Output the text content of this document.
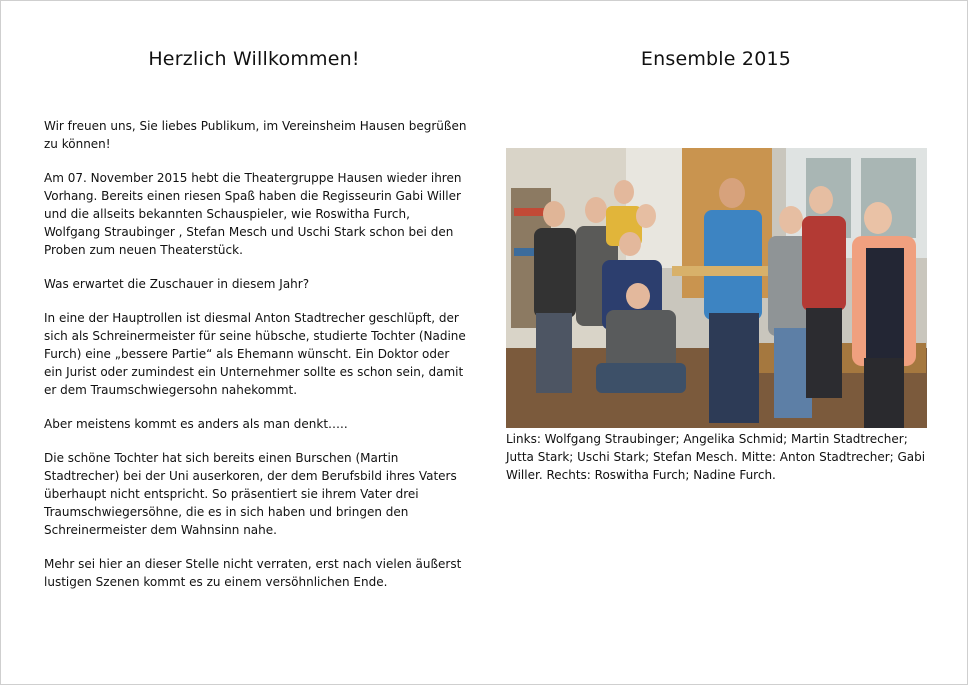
Herzlich Willkommen!

Wir freuen uns, Sie liebes Publikum, im Vereinsheim Hausen begrüßen zu können!

Am 07. November 2015 hebt die Theatergruppe Hausen wieder ihren Vorhang. Bereits einen riesen Spaß haben die Regisseurin Gabi Willer und die allseits bekannten Schauspieler, wie Roswitha Furch, Wolfgang Straubinger , Stefan Mesch und Uschi Stark schon bei den Proben zum neuen Theaterstück.

Was erwartet die Zuschauer in diesem Jahr?

In eine der Hauptrollen ist diesmal Anton Stadtrecher geschlüpft, der sich als Schreinermeister für seine hübsche, studierte Tochter (Nadine Furch) eine „bessere Partie“ als Ehemann wünscht. Ein Doktor oder ein Jurist oder zumindest ein Unternehmer sollte es schon sein, damit er dem Traumschwiegersohn nahekommt.

Aber meistens kommt es anders als man denkt…..

Die schöne Tochter hat sich bereits einen Burschen (Martin Stadtrecher) bei der Uni auserkoren, der dem Berufsbild ihres Vaters überhaupt nicht entspricht. So präsentiert sie ihrem Vater drei Traumschwiegersöhne, die es in sich haben und bringen den Schreinermeister dem Wahnsinn nahe.

Mehr sei hier an dieser Stelle nicht verraten, erst nach vielen äußerst lustigen Szenen kommt es zu einem versöhnlichen Ende.

Ensemble 2015
Links: Wolfgang Straubinger; Angelika Schmid; Martin Stadtrecher; Jutta Stark; Uschi Stark; Stefan Mesch. Mitte: Anton Stadtrecher; Gabi Willer. Rechts: Roswitha Furch; Nadine Furch.
